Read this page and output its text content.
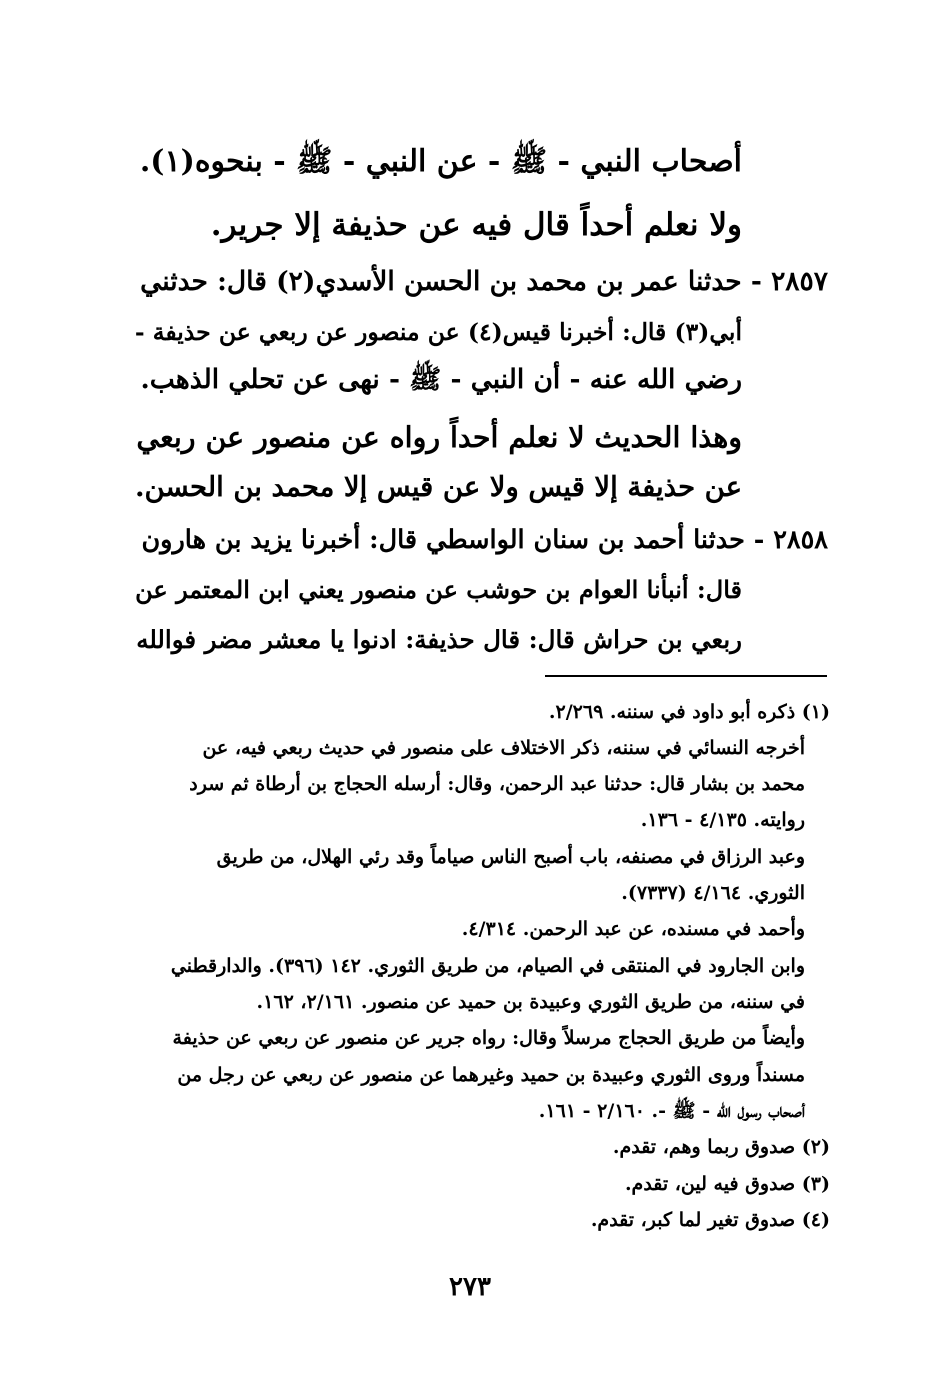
أصحاب النبي - ﷺ - عن النبي - ﷺ - بنحوه(١).
ولا نعلم أحداً قال فيه عن حذيفة إلا جرير.
٢٨٥٧ - حدثنا عمر بن محمد بن الحسن الأسدي(٢) قال: حدثني
أبي(٣) قال: أخبرنا قيس(٤) عن منصور عن ربعي عن حذيفة -
رضي الله عنه - أن النبي - ﷺ - نهى عن تحلي الذهب.
وهذا الحديث لا نعلم أحداً رواه عن منصور عن ربعي
عن حذيفة إلا قيس ولا عن قيس إلا محمد بن الحسن.
٢٨٥٨ - حدثنا أحمد بن سنان الواسطي قال: أخبرنا يزيد بن هارون
قال: أنبأنا العوام بن حوشب عن منصور يعني ابن المعتمر عن
ربعي بن حراش قال: قال حذيفة: ادنوا يا معشر مضر فوالله
(١) ذكره أبو داود في سننه. ٢/٢٦٩.
أخرجه النسائي في سننه، ذكر الاختلاف على منصور في حديث ربعي فيه، عن
محمد بن بشار قال: حدثنا عبد الرحمن، وقال: أرسله الحجاج بن أرطاة ثم سرد
روايته. ٤/١٣٥ - ١٣٦.
وعبد الرزاق في مصنفه، باب أصبح الناس صياماً وقد رئي الهلال، من طريق
الثوري. ٤/١٦٤ (٧٣٣٧).
وأحمد في مسنده، عن عبد الرحمن. ٤/٣١٤.
وابن الجارود في المنتقى في الصيام، من طريق الثوري. ١٤٢ (٣٩٦). والدارقطني
في سننه، من طريق الثوري وعبيدة بن حميد عن منصور. ٢/١٦١، ١٦٢.
وأيضاً من طريق الحجاج مرسلاً وقال: رواه جرير عن منصور عن ربعي عن حذيفة
مسنداً وروى الثوري وعبيدة بن حميد وغيرهما عن منصور عن ربعي عن رجل من
أصحاب رسول الله - ﷺ -. ٢/١٦٠ - ١٦١.
(٢) صدوق ربما وهم، تقدم.
(٣) صدوق فيه لين، تقدم.
(٤) صدوق تغير لما كبر، تقدم.
٢٧٣
